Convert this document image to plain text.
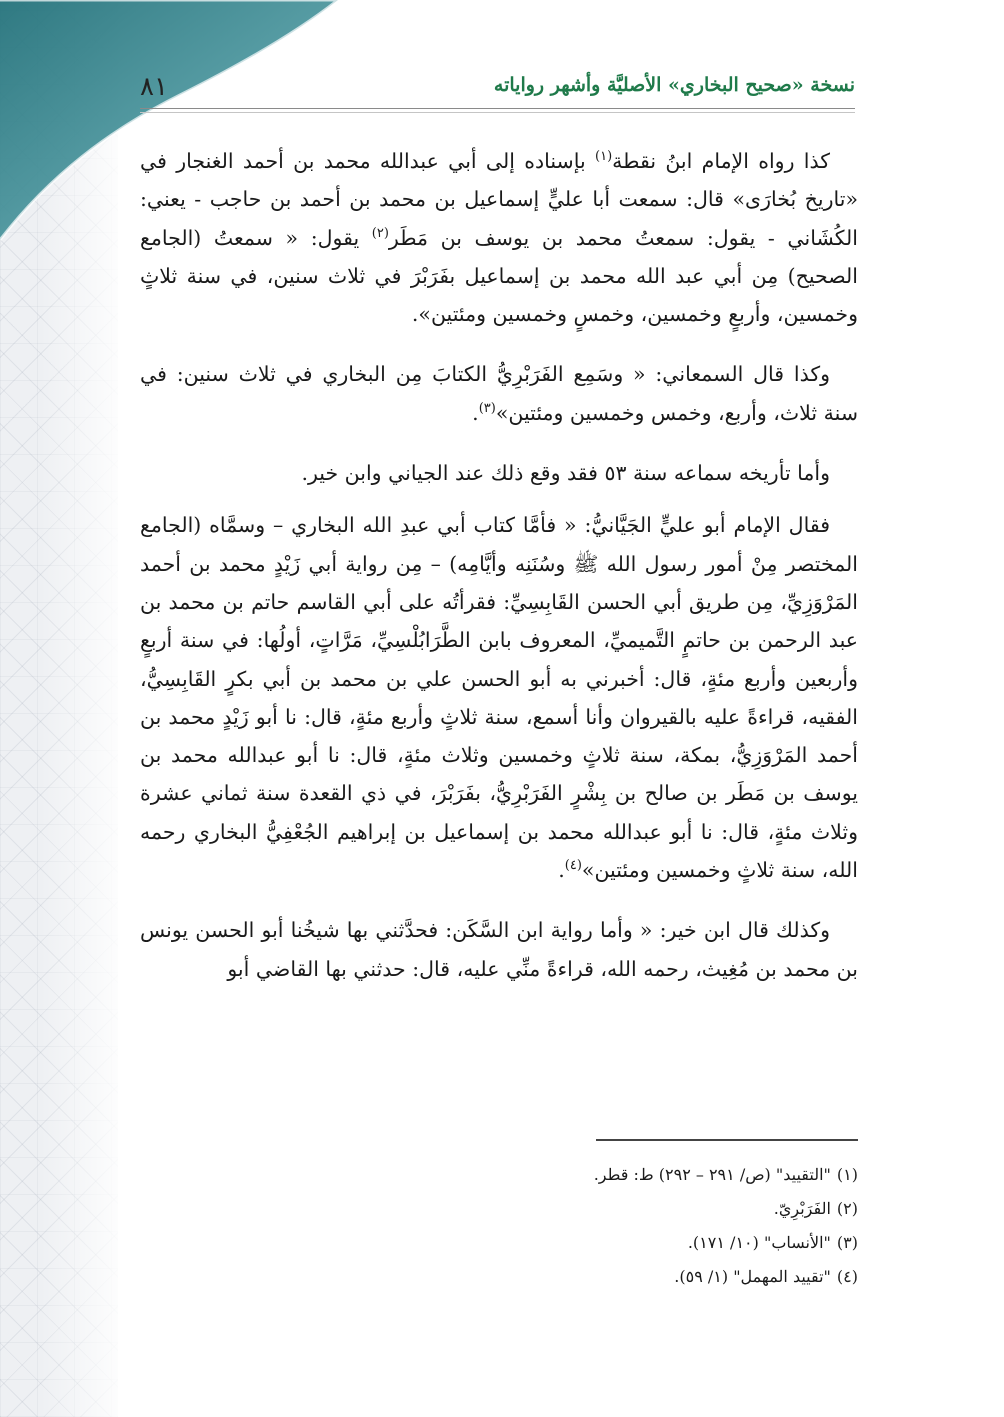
٨١	نسخة «صحيح البخاري» الأصليَّة وأشهر رواياته

كذا رواه الإمام ابنُ نقطة$^{(١)}$ بإسناده إلى أبي عبدالله محمد بن أحمد الغنجار في «تاريخ بُخارَى» قال: سمعت أبا عليٍّ إسماعيل بن محمد بن أحمد بن حاجب - يعني: الكُشَاني - يقول: سمعتُ محمد بن يوسف بن مَطَر$^{(٢)}$ يقول: « سمعتُ (الجامع الصحيح) مِن أبي عبد الله محمد بن إسماعيل بفَرَبْرَ في ثلاث سنين، في سنة ثلاثٍ وخمسين، وأربعٍ وخمسين، وخمسٍ وخمسين ومئتين».

وكذا قال السمعاني: « وسَمِع الفَرَبْرِيُّ الكتابَ مِن البخاري في ثلاث سنين: في سنة ثلاث، وأربع، وخمس وخمسين ومئتين»$^{(٣)}$.

وأما تأريخه سماعه سنة ٥٣ فقد وقع ذلك عند الجياني وابن خير.

فقال الإمام أبو عليٍّ الجَيَّانيُّ: « فأمَّا كتاب أبي عبدِ الله البخاري – وسمَّاه (الجامع المختصر مِنْ أمور رسول الله ﷺ وسُنَنِه وأيَّامِه) – مِن رواية أبي زَيْدٍ محمد بن أحمد المَرْوَزِيِّ، مِن طريق أبي الحسن القَابِسِيِّ: فقرأتُه على أبي القاسم حاتم بن محمد بن عبد الرحمن بن حاتمٍ التَّميميِّ، المعروف بابن الطَّرَابُلْسِيِّ، مَرَّاتٍ، أولُها: في سنة أربعٍ وأربعين وأربع مئةٍ، قال: أخبرني به أبو الحسن علي بن محمد بن أبي بكرٍ القَابِسِيُّ، الفقيه، قراءةً عليه بالقيروان وأنا أسمع، سنة ثلاثٍ وأربع مئةٍ، قال: نا أبو زَيْدٍ محمد بن أحمد المَرْوَزِيُّ، بمكة، سنة ثلاثٍ وخمسين وثلاث مئةٍ، قال: نا أبو عبدالله محمد بن يوسف بن مَطَر بن صالح بن بِشْرٍ الفَرَبْرِيُّ، بفَرَبْرَ، في ذي القعدة سنة ثماني عشرة وثلاث مئةٍ، قال: نا أبو عبدالله محمد بن إسماعيل بن إبراهيم الجُعْفِيُّ البخاري رحمه الله، سنة ثلاثٍ وخمسين ومئتين»$^{(٤)}$.

وكذلك قال ابن خير: « وأما رواية ابن السَّكَن: فحدَّثني بها شيخُنا أبو الحسن يونس بن محمد بن مُغِيث، رحمه الله، قراءةً منِّي عليه، قال: حدثني بها القاضي أبو

(١)"التقييد" (ص/ ٢٩١ – ٢٩٢) ط: قطر.
(٢)الفَرَبْرِيّ.
(٣)"الأنساب" (١٠/ ١٧١).
(٤)"تقييد المهمل" (١/ ٥٩).
